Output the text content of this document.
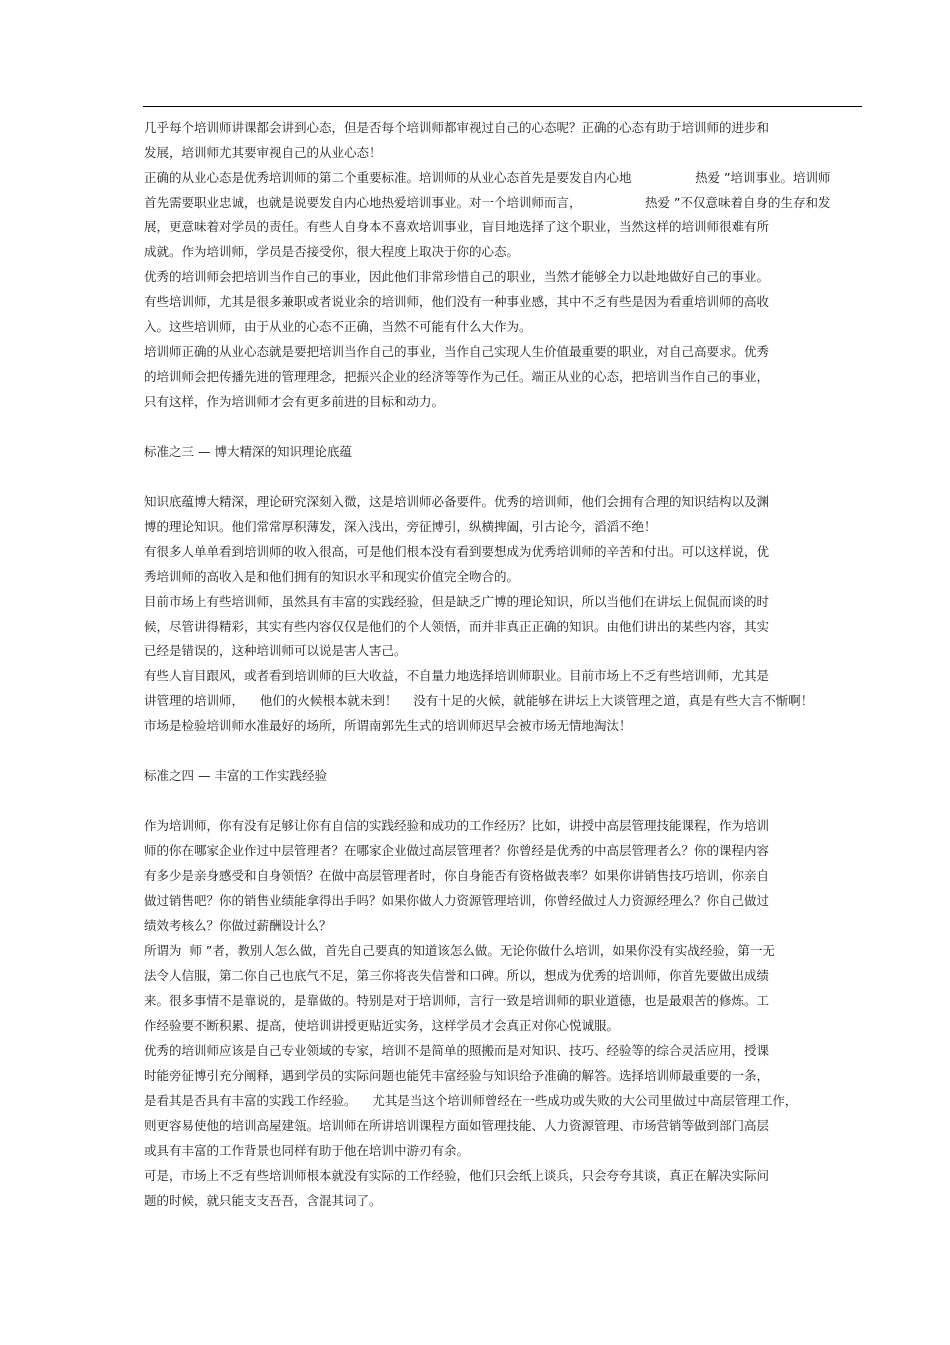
几乎每个培训师讲课都会讲到心态，但是否每个培训师都审视过自己的心态呢？正确的心态有助于培训师的进步和
发展，培训师尤其要审视自己的从业心态！
正确的从业心态是优秀培训师的第二个重要标准。培训师的从业心态首先是要发自内心地                热爱 ”培训事业。培训师
首先需要职业忠诚，也就是说要发自内心地热爱培训事业。对一个培训师而言，                热爱 ”不仅意味着自身的生存和发
展，更意味着对学员的责任。有些人自身本不喜欢培训事业，盲目地选择了这个职业，当然这样的培训师很难有所
成就。作为培训师，学员是否接受你，很大程度上取决于你的心态。
优秀的培训师会把培训当作自己的事业，因此他们非常珍惜自己的职业，当然才能够全力以赴地做好自己的事业。
有些培训师，尤其是很多兼职或者说业余的培训师，他们没有一种事业感，其中不乏有些是因为看重培训师的高收
入。这些培训师，由于从业的心态不正确，当然不可能有什么大作为。
培训师正确的从业心态就是要把培训当作自己的事业，当作自己实现人生价值最重要的职业，对自己高要求。优秀
的培训师会把传播先进的管理理念，把振兴企业的经济等等作为己任。端正从业的心态，把培训当作自己的事业，
只有这样，作为培训师才会有更多前进的目标和动力。
标准之三 — 博大精深的知识理论底蕴
知识底蕴博大精深，理论研究深刻入微，这是培训师必备要件。优秀的培训师，他们会拥有合理的知识结构以及渊
博的理论知识。他们常常厚积薄发，深入浅出，旁征博引，纵横捭阖，引古论今，滔滔不绝！
有很多人单单看到培训师的收入很高，可是他们根本没有看到要想成为优秀培训师的辛苦和付出。可以这样说，优
秀培训师的高收入是和他们拥有的知识水平和现实价值完全吻合的。
目前市场上有些培训师，虽然具有丰富的实践经验，但是缺乏广博的理论知识，所以当他们在讲坛上侃侃而谈的时
候，尽管讲得精彩，其实有些内容仅仅是他们的个人领悟，而并非真正正确的知识。由他们讲出的某些内容，其实
已经是错误的，这种培训师可以说是害人害己。
有些人盲目跟风，或者看到培训师的巨大收益，不自量力地选择培训师职业。目前市场上不乏有些培训师，尤其是
讲管理的培训师，    他们的火候根本就未到！    没有十足的火候，就能够在讲坛上大谈管理之道，真是有些大言不惭啊！
市场是检验培训师水准最好的场所，所谓南郭先生式的培训师迟早会被市场无情地淘汰！
标准之四 — 丰富的工作实践经验
作为培训师，你有没有足够让你有自信的实践经验和成功的工作经历？比如，讲授中高层管理技能课程，作为培训
师的你在哪家企业作过中层管理者？在哪家企业做过高层管理者？你曾经是优秀的中高层管理者么？你的课程内容
有多少是亲身感受和自身领悟？在做中高层管理者时，你自身能否有资格做表率？如果你讲销售技巧培训，你亲自
做过销售吧？你的销售业绩能拿得出手吗？如果你做人力资源管理培训，你曾经做过人力资源经理么？你自己做过
绩效考核么？你做过薪酬设计么？
所谓为  师 ”者，教别人怎么做，首先自己要真的知道该怎么做。无论你做什么培训，如果你没有实战经验，第一无
法令人信服，第二你自己也底气不足，第三你将丧失信誉和口碑。所以，想成为优秀的培训师，你首先要做出成绩
来。很多事情不是靠说的，是靠做的。特别是对于培训师，言行一致是培训师的职业道德，也是最艰苦的修炼。工
作经验要不断积累、提高，使培训讲授更贴近实务，这样学员才会真正对你心悦诚服。
优秀的培训师应该是自己专业领域的专家，培训不是简单的照搬而是对知识、技巧、经验等的综合灵活应用，授课
时能旁征博引充分阐释，遇到学员的实际问题也能凭丰富经验与知识给予准确的解答。选择培训师最重要的一条，
是看其是否具有丰富的实践工作经验。    尤其是当这个培训师曾经在一些成功或失败的大公司里做过中高层管理工作，
则更容易使他的培训高屋建瓴。培训师在所讲培训课程方面如管理技能、人力资源管理、市场营销等做到部门高层
或具有丰富的工作背景也同样有助于他在培训中游刃有余。
可是，市场上不乏有些培训师根本就没有实际的工作经验，他们只会纸上谈兵，只会夸夸其谈，真正在解决实际问
题的时候，就只能支支吾吾，含混其词了。
